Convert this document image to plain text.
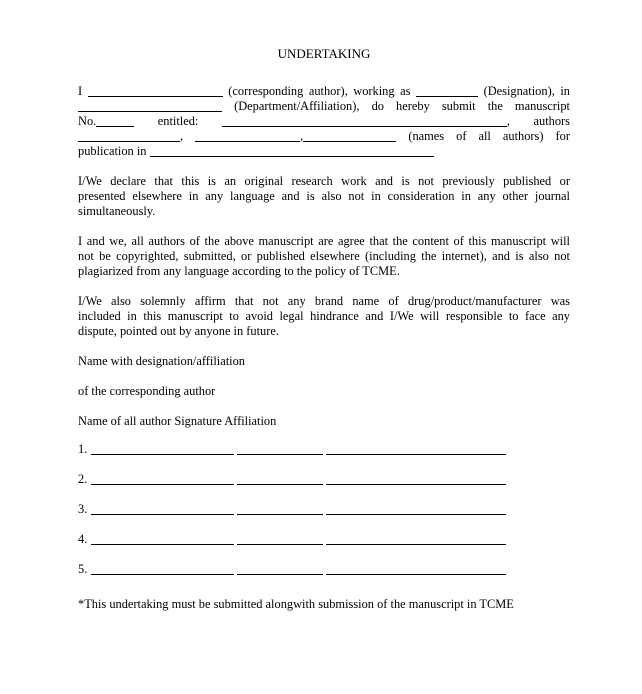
UNDERTAKING
I	(corresponding author), working as	(Designation), in
(Department/Affiliation), do hereby submit the manuscript
No.	entitled:	, authors
,	,	(names of all authors) for
publication in
I/We declare that this is an original research work and is not previously published or
presented elsewhere in any language and is also not in consideration in any other journal
simultaneously.
I and we, all authors of the above manuscript are agree that the content of this manuscript will
not be copyrighted, submitted, or published elsewhere (including the internet), and is also not
plagiarized from any language according to the policy of TCME.
I/We also solemnly affirm that not any brand name of drug/product/manufacturer was
included in this manuscript to avoid legal hindrance and I/We will responsible to face any
dispute, pointed out by anyone in future.
Name with designation/affiliation
of the corresponding author
Name of all author Signature Affiliation
1.
2.
3.
4.
5.
*This undertaking must be submitted alongwith submission of the manuscript in TCME
